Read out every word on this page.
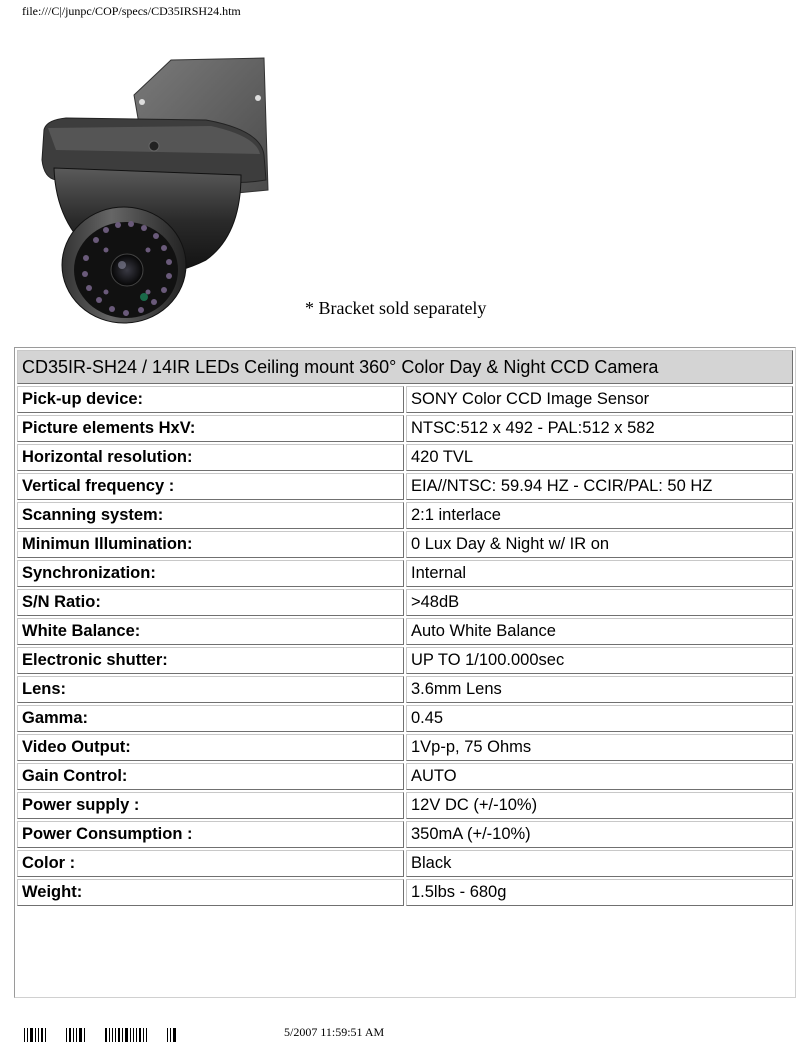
file:///C|/junpc/COP/specs/CD35IRSH24.htm
* Bracket sold separately
CD35IR-SH24 / 14IR LEDs Ceiling mount 360° Color Day & Night CCD Camera	
Pick-up device:	SONY Color CCD Image Sensor
Picture elements HxV:	NTSC:512 x 492 - PAL:512 x 582
Horizontal resolution:	420 TVL
Vertical frequency :	EIA//NTSC: 59.94 HZ - CCIR/PAL: 50 HZ
Scanning system:	2:1 interlace
Minimun Illumination:	0 Lux Day & Night w/ IR on
Synchronization:	Internal
S/N Ratio:	>48dB
White Balance:	Auto White Balance
Electronic shutter:	UP TO 1/100.000sec
Lens:	3.6mm Lens
Gamma:	0.45
Video Output:	1Vp-p, 75 Ohms
Gain Control:	AUTO
Power supply :	12V DC (+/-10%)
Power Consumption :	350mA (+/-10%)
Color :	Black
Weight:	1.5lbs - 680g
5/2007 11:59:51 AM
